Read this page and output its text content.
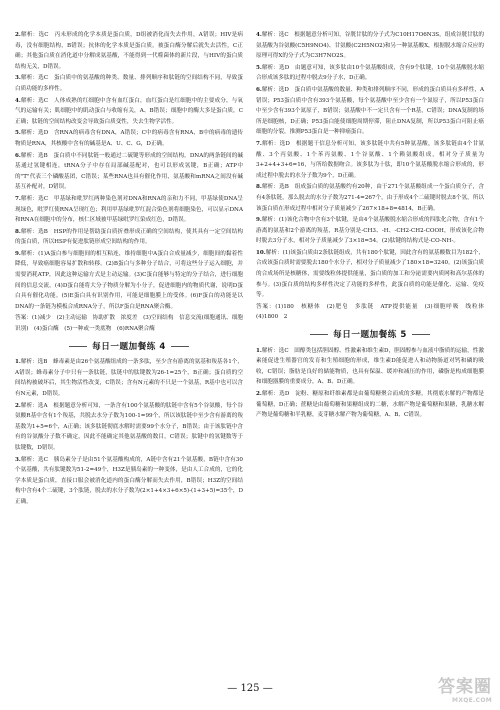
2.解析：选C　丙未形成的化学本质是蛋白质，D组被消化而失去作用，A错误；HIV是病毒，没有细胞结构，B错误；抗体的化学本质是蛋白质，被蛋白酶分解后就失去活性，C正确；其他蛋白质在消化道中分解成氨基酸，不能得到一代噬菌体的新片段，与HIV的蛋白质结构无关，D错误。
3.解析：选C　蛋白质中的氨基酸的种类、数量、排列顺序和肽链的空间结构不同，导致蛋白质功能的多样性。
4.解析：选C　人体成熟的红细胞中含有血红蛋白，血红蛋白是红细胞中的主要成分，与氧气的运输有关；肌细胞中的肌动蛋白与收缩有关，A、B错误；细胞中的酶大多是蛋白质，C正确；肽链的空间结构改变会导致蛋白质变性，失去生物学活性。
5.解析：选D　含RNA的病毒含有DNA，A错误；C中的病毒含有RNA，B中的病毒的遗传物质是RNA，其核酸中含有的碱基是A、U、C、G，D正确。
6.解析：选B　蛋白质中不同肽链一般通过二硫键等形成的空间结构，DNA的两条链间的碱基通过氢键相连，tRNA分子中存在局部碱基配对，也可以形成氢键，B正确；ATP中的"T"代表三个磷酸基团，C错误；某些RNA也具有催化作用，氨基酸和mRNA之间没有碱基互补配对，D错误。
7.解析：选C　甲基绿和吡罗红两种染色剂对DNA和RNA的亲和力不同，甲基绿使DNA呈现绿色，吡罗红使RNA呈现红色；利用甲基绿吡罗红混合染色剂将细胞染色，可以显示DNA和RNA在细胞中的分布，核仁区域被甲基绿吡罗红染成红色，D错误。
8.解析：选B　HSP的作用是帮助蛋白质折叠形成正确的空间结构，使其具有一定空间结构的蛋白质，所以HSP有促进肽链形成空间结构的作用。
9.解析：(1)A蛋白参与细胞间的相互粘连，维持细胞中A蛋白合成量减少，细胞间的黏着性降低，导致癌细胞容易扩散和转移。(2)B蛋白与多种分子结合，可将这些分子运入细胞，并需要消耗ATP，因此这种运输方式是主动运输。(3)C蛋白能够与特定的分子结合，进行细胞间的信息交流。(4)D蛋白能将大分子物质分解为小分子，促进细胞内的物质代谢，说明D蛋白具有催化功能。(5)E蛋白具有识别作用，可能是细胞膜上的受体。(6)F蛋白的功能是以DNA的一条链为模板合成RNA分子，所以F蛋白是RNA聚合酶。
答案：(1)减少　(2)主动运输　协助扩散　浓度差　(3)空间结构　信息交流(细胞通讯、细胞识别)　(4)蛋白酶　(5)一种或一类底物　(6)RNA聚合酶
每日一题加餐练 4
1.解析：选B　蜂毒素是由26个氨基酸组成的一条多肽，至少含有游离的氨基和羧基各1个，A错误；蜂毒素分子中只有一条肽链，肽链中的肽键数为26-1=25个，B正确；蛋白质的空间结构被破坏后，其生物活性改变，C错误；含有N元素的不只是一个氨基，R基中也可以含有N元素，D错误。
2.解析：选A　根据题意分析可知，一条含有100个氨基酸的肽链中含有5个谷氨酸，每个谷氨酸R基中含有1个羧基，共脱去水分子数为100-1=99个，所以该肽链中至少含有游离的羧基数为1+5=6个，A正确；该多肽链彻底水解时需要99个水分子，B错误；由于该肽链中含有的谷氨酸分子数不确定，因此不能确定其他氨基酸的数目，C错误；肽键中的氢键数等于肽键数，D错误。
3.解析：选C　胰岛素分子是由51个氨基酸构成的，A链中含有21个氨基酸，B链中含有30个氨基酸，共有肽键数为51-2=49个，H3Z是胰岛素的一种变体，是由人工合成的，它的化学本质是蛋白质，直接口服会被消化道内的蛋白酶分解而失去作用，B错误；H3Z的空间结构中含有4个二硫键，3个肽链，脱去的水分子数为(2×1+4×3+6×5)-(1+3+5)=35个，D正确。
4.解析：选C　根据题意分析可知，谷胱甘肽的分子式为C10H17O6N3S，组成谷胱甘肽的氨基酸为谷氨酸(C5H9NO4)、甘氨酸(C2H5NO2)和另一种氨基酸X，根据脱水缩合反应的原理可得X的分子式为C3H7NO2S。
5.解析：选D　由题意可知，该多肽由10个氨基酸组成，含有9个肽键，10个氨基酸脱水缩合形成该多肽的过程中脱去9分子水，D正确。
6.解析：选D　蛋白质中氨基酸的数量、种类和排列顺序不同，形成的蛋白质具有多样性，A错误；P53蛋白质中含有393个氨基酸，每个氨基酸中至少含有一个氮原子，所以P53蛋白中至少含有393个氮原子，B错误；氨基酸中不一定只含有一个R基，C错误；DNA复制的场所是细胞核，D正确；P53蛋白能使细胞周期停滞，阻止DNA复制，所以P53蛋白可阻止癌细胞的分裂，推测P53蛋白是一种抑癌蛋白。
7.解析：选D　根据题干信息分析可知，该多肽链中共有5种氨基酸，该多肽链由4个甘氨酸、3个丙氨酸、1个苯丙氨酸、1个谷氨酸、1个赖氨酸组成，相对分子质量为3+2+4+3+6=16，与所给数据吻合。该多肽为十肽，即10个氨基酸脱水缩合形成的，形成过程中脱去的水分子数为9个，D正确。
8.解析：选B　组成蛋白质的氨基酸约有20种，由于271个氨基酸组成一个蛋白质分子，含有4条肽链，那么脱去的水分子数为271-4=267个，由于形成4个二硫键时脱去8个氢，所以该蛋白质在形成过程中相对分子质量减少了267×18+8=4814，B正确。
9.解析：(1)该化合物中含有3个肽键，是由4个氨基酸脱水缩合形成的四肽化合物，含有1个游离的氨基和2个游离的羧基，R基分别是-CH3、-H、-CH2-CH2-COOH，形成该化合物时脱去3分子水，相对分子质量减少了3×18=54。(2)肽键的结构式是-CO-NH-。
10.解析：(1)该蛋白质由2条肽链组成，共有180个肽键，因此含有的氨基酸数目为182个，合成该蛋白质时需要脱去180个水分子，相对分子质量减少了180×18=3240。(2)该蛋白质的合成场所是核糖体，需要线粒体提供能量，蛋白质的加工和分泌需要内质网和高尔基体的参与。(3)蛋白质的结构多样性决定了功能的多样性，此蛋白质的功能是催化、运输、免疫等。
答案：(1)180　核糖体　(2)肥皂　多肽链　ATP提供能量　(3)细胞呼吸　线粒体　(4)1800　2
每日一题加餐练 5
1.解析：选C　固醇类包括胆固醇、性激素和维生素D，胆固醇参与血液中脂质的运输，性激素能促进生殖器官的发育和生殖细胞的形成，维生素D能促进人和动物肠道对钙和磷的吸收，C错误；脂肪是良好的储能物质，也具有保温、缓冲和减压的作用，磷脂是构成细胞膜和细胞器膜的重要成分，A、B、D正确。
2.解析：选D　淀粉、糖原和纤维素都是由葡萄糖聚合而成的多糖，其彻底水解的产物都是葡萄糖，D正确；蔗糖是由葡萄糖和果糖组成的二糖，水解产物是葡萄糖和果糖，乳糖水解产物是葡萄糖和半乳糖，麦芽糖水解产物为葡萄糖，A、B、C错误。
— 125 —	答案圈
MXQE.COM
